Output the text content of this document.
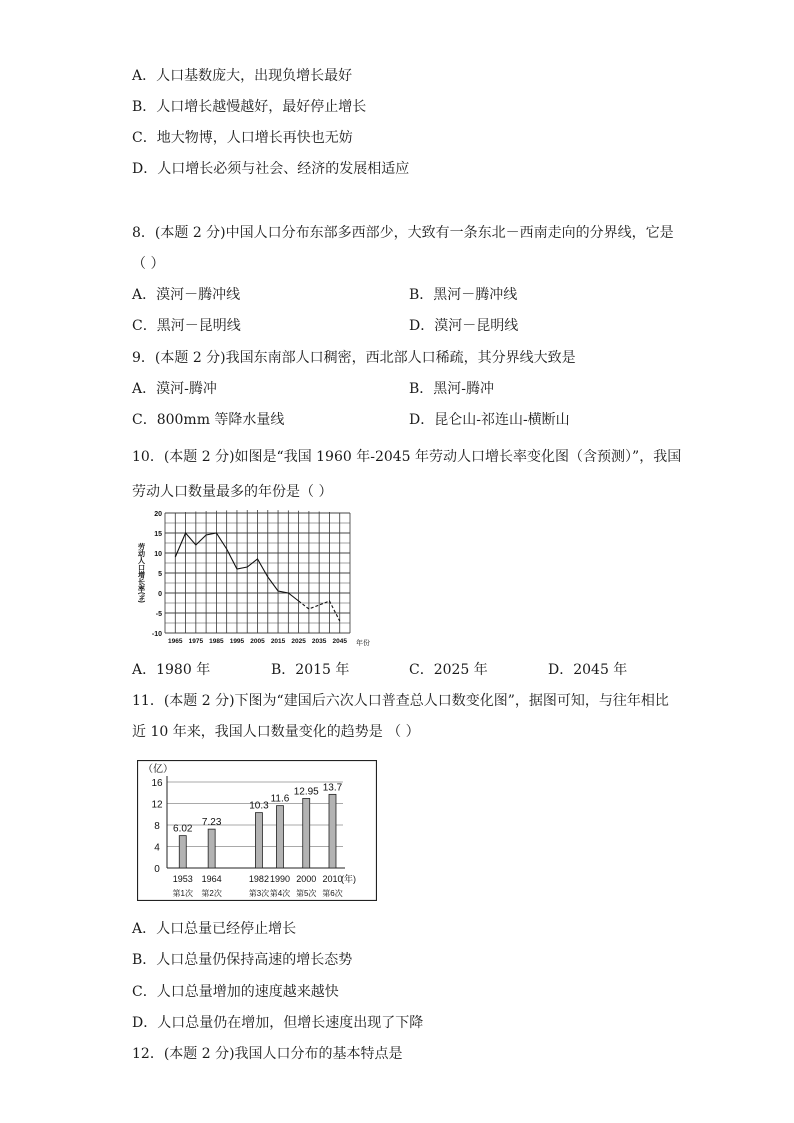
A．人口基数庞大，出现负增长最好
B．人口增长越慢越好，最好停止增长
C．地大物博，人口增长再快也无妨
D．人口增长必须与社会、经济的发展相适应
8．(本题 2 分)中国人口分布东部多西部少，大致有一条东北－西南走向的分界线，它是
（ ）
A．漠河－腾冲线	B．黑河－腾冲线
C．黑河－昆明线	D．漠河－昆明线
9．(本题 2 分)我国东南部人口稠密，西北部人口稀疏，其分界线大致是
A．漠河-腾冲	B．黑河-腾冲
C．800mm 等降水量线	D．昆仑山-祁连山-横断山
10．(本题 2 分)如图是“我国 1960 年-2045 年劳动人口增长率变化图（含预测）”，我国
劳动人口数量最多的年份是（ ）
20
15
10
5
0
-5
-10
1965 1975 1985 1995 2005 2015 2025 2035 2045
劳动人口增长率(%)
年份
A．1980 年	B．2015 年	C．2025 年	D．2045 年
11．(本题 2 分)下图为“建国后六次人口普查总人口数变化图”，据图可知，与往年相比
近 10 年来，我国人口数量变化的趋势是 （ ）
（亿）
16
12
8
4
0
6.02
7.23
10.3
11.6
12.95 13.7
1953 1964	1982 1990 2000 2010
(年)
第1次 第2次	第3次 第4次 第5次 第6次
A．人口总量已经停止增长
B．人口总量仍保持高速的增长态势
C．人口总量增加的速度越来越快
D．人口总量仍在增加，但增长速度出现了下降
12．(本题 2 分)我国人口分布的基本特点是
